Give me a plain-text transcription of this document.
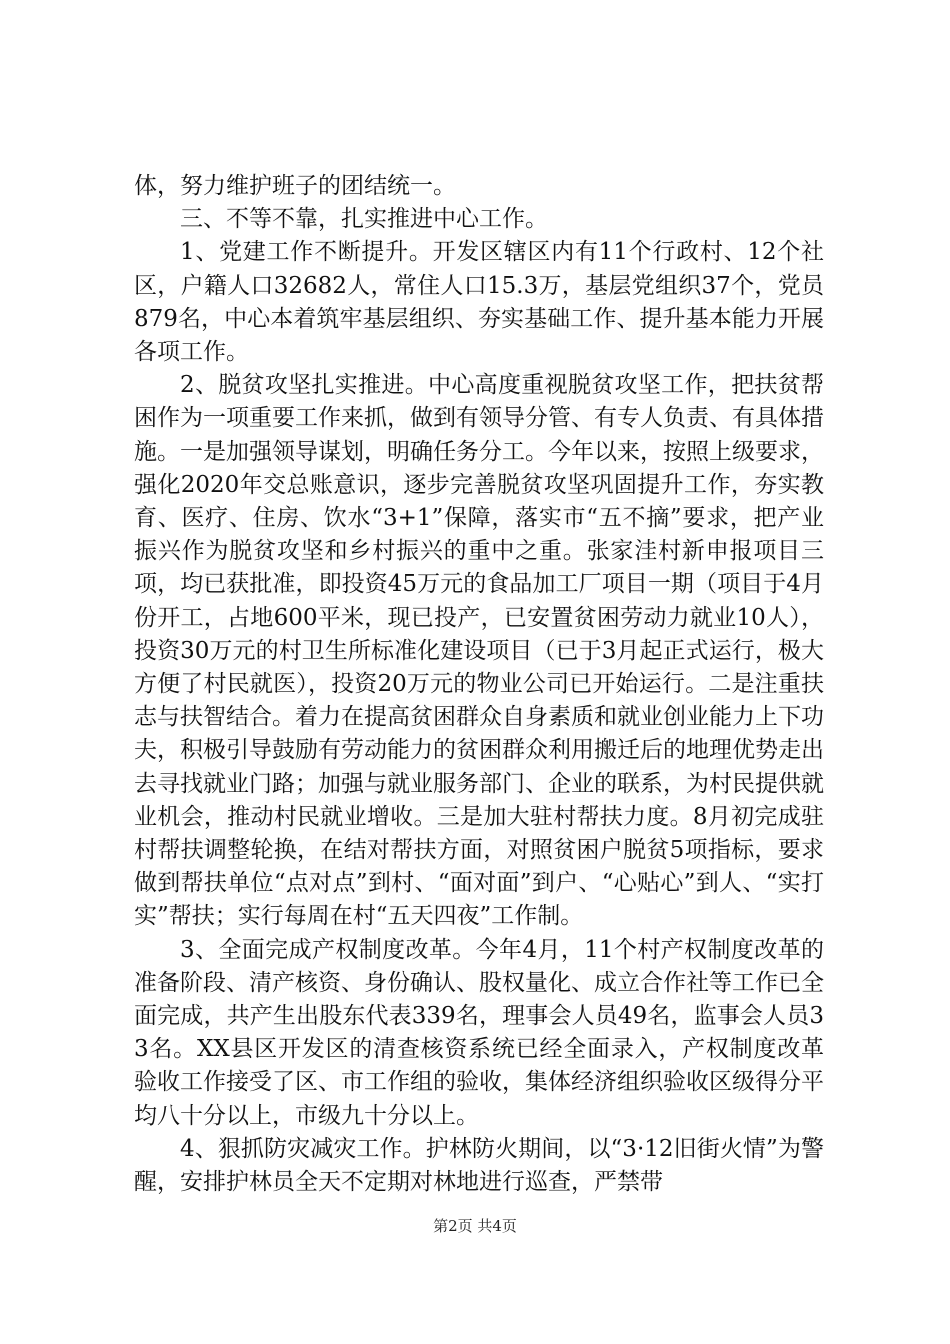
体，努力维护班子的团结统一。

三、不等不靠，扎实推进中心工作。

1、党建工作不断提升。开发区辖区内有11个行政村、12个社区，户籍人口32682人，常住人口15.3万，基层党组织37个，党员879名，中心本着筑牢基层组织、夯实基础工作、提升基本能力开展各项工作。

2、脱贫攻坚扎实推进。中心高度重视脱贫攻坚工作，把扶贫帮困作为一项重要工作来抓，做到有领导分管、有专人负责、有具体措施。一是加强领导谋划，明确任务分工。今年以来，按照上级要求，强化2020年交总账意识，逐步完善脱贫攻坚巩固提升工作，夯实教育、医疗、住房、饮水“3+1”保障，落实市“五不摘”要求，把产业振兴作为脱贫攻坚和乡村振兴的重中之重。张家洼村新申报项目三项，均已获批准，即投资45万元的食品加工厂项目一期（项目于4月份开工，占地600平米，现已投产，已安置贫困劳动力就业10人），投资30万元的村卫生所标准化建设项目（已于3月起正式运行，极大方便了村民就医），投资20万元的物业公司已开始运行。二是注重扶志与扶智结合。着力在提高贫困群众自身素质和就业创业能力上下功夫，积极引导鼓励有劳动能力的贫困群众利用搬迁后的地理优势走出去寻找就业门路；加强与就业服务部门、企业的联系，为村民提供就业机会，推动村民就业增收。三是加大驻村帮扶力度。8月初完成驻村帮扶调整轮换，在结对帮扶方面，对照贫困户脱贫5项指标，要求做到帮扶单位“点对点”到村、“面对面”到户、“心贴心”到人、“实打实”帮扶；实行每周在村“五天四夜”工作制。

3、全面完成产权制度改革。今年4月，11个村产权制度改革的准备阶段、清产核资、身份确认、股权量化、成立合作社等工作已全面完成，共产生出股东代表339名，理事会人员49名，监事会人员33名。XX县区开发区的清查核资系统已经全面录入，产权制度改革验收工作接受了区、市工作组的验收，集体经济组织验收区级得分平均八十分以上，市级九十分以上。

4、狠抓防灾减灾工作。护林防火期间，以“3·12旧街火情”为警醒，安排护林员全天不定期对林地进行巡查，严禁带

第2页 共4页
